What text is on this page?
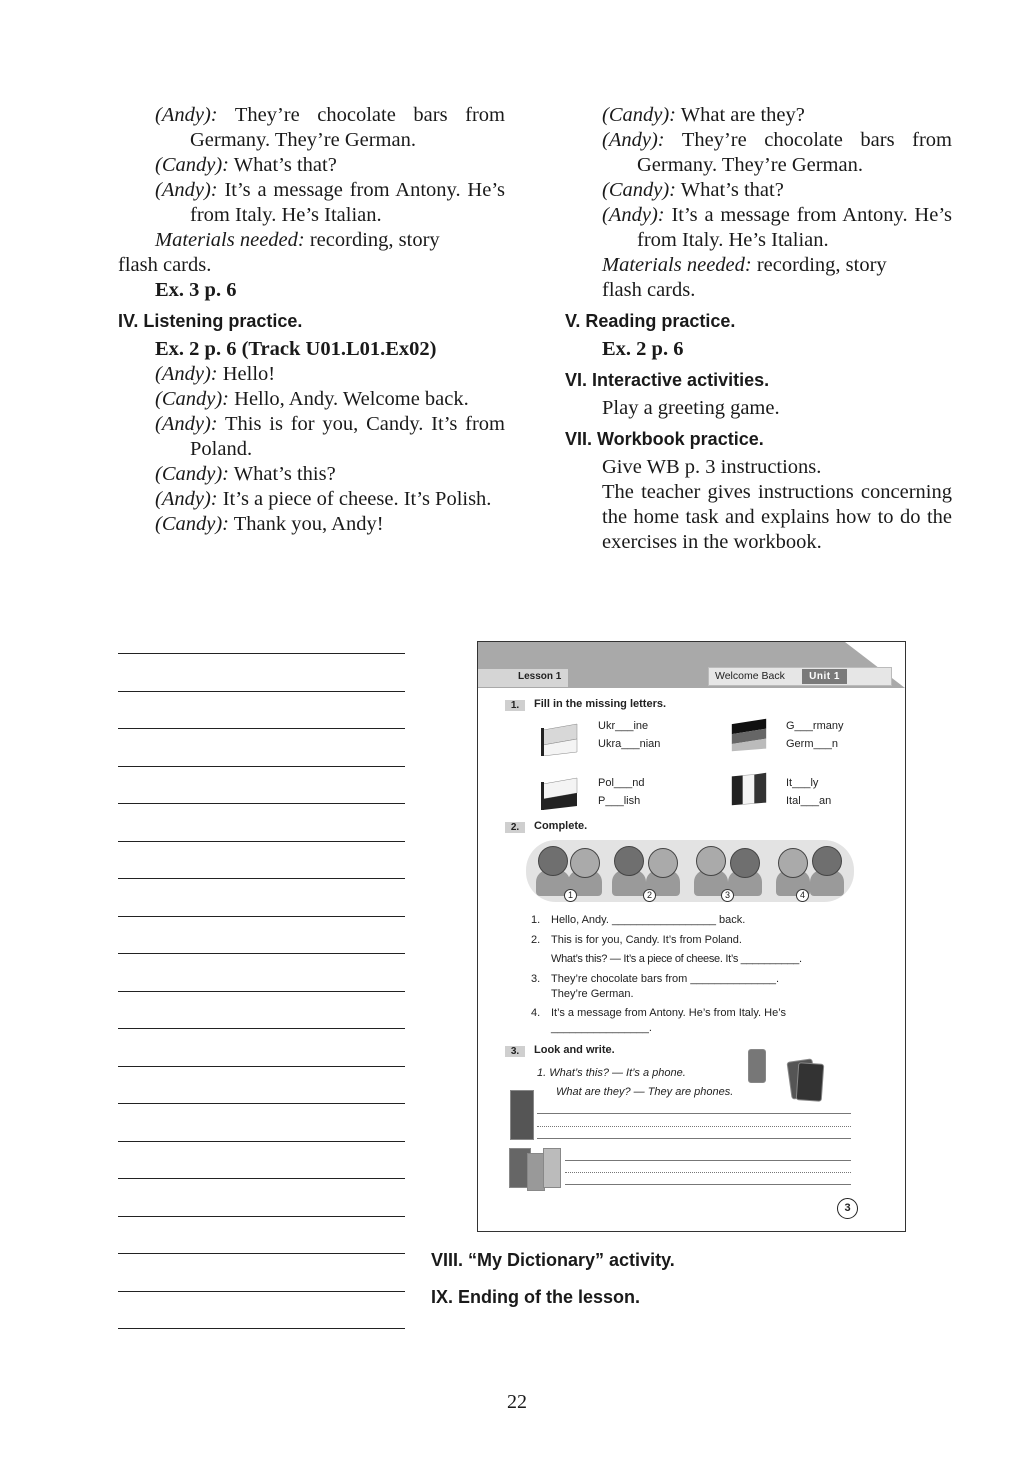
(Andy): They’re chocolate bars from Germany. They’re German.
(Candy): What’s that?
(Andy): It’s a message from Antony. He’s from Italy. He’s Italian.
Materials needed: recording, story
flash cards.
Ex. 3 p. 6
IV. Listening practice.
Ex. 2 p. 6 (Track U01.L01.Ex02)
(Andy): Hello!
(Candy): Hello, Andy. Welcome back.
(Andy): This is for you, Candy. It’s from Poland.
(Candy): What’s this?
(Andy): It’s a piece of cheese. It’s Polish.
(Candy): Thank you, Andy!
(Candy): What are they?
(Andy): They’re chocolate bars from Germany. They’re German.
(Candy): What’s that?
(Andy): It’s a message from Antony. He’s from Italy. He’s Italian.
Materials needed: recording, story
flash cards.
V. Reading practice.
Ex. 2 p. 6
VI. Interactive activities.
Play a greeting game.
VII. Workbook practice.
Give WB p. 3 instructions.
The teacher gives instructions concerning the home task and explains how to do the exercises in the workbook.
Lesson 1	Welcome Back	Unit 1
1.	Fill in the missing letters.
Ukr___ine
Ukra___nian
G___rmany
Germ___n
Pol___nd
P___lish
It___ly
Ital___an
2.	Complete.
1	2	3	4
1. Hello, Andy. _________________ back.
2. This is for you, Candy. It’s from Poland.
What’s this? — It’s a piece of cheese. It’s __________.
3. They’re chocolate bars from ______________.
They’re German.
4. It’s a message from Antony. He’s from Italy. He’s
________________.
3.	Look and write.
1. What’s this? — It’s a phone.
What are they? — They are phones.
3
VIII. “My Dictionary” activity.
IX. Ending of the lesson.
22
